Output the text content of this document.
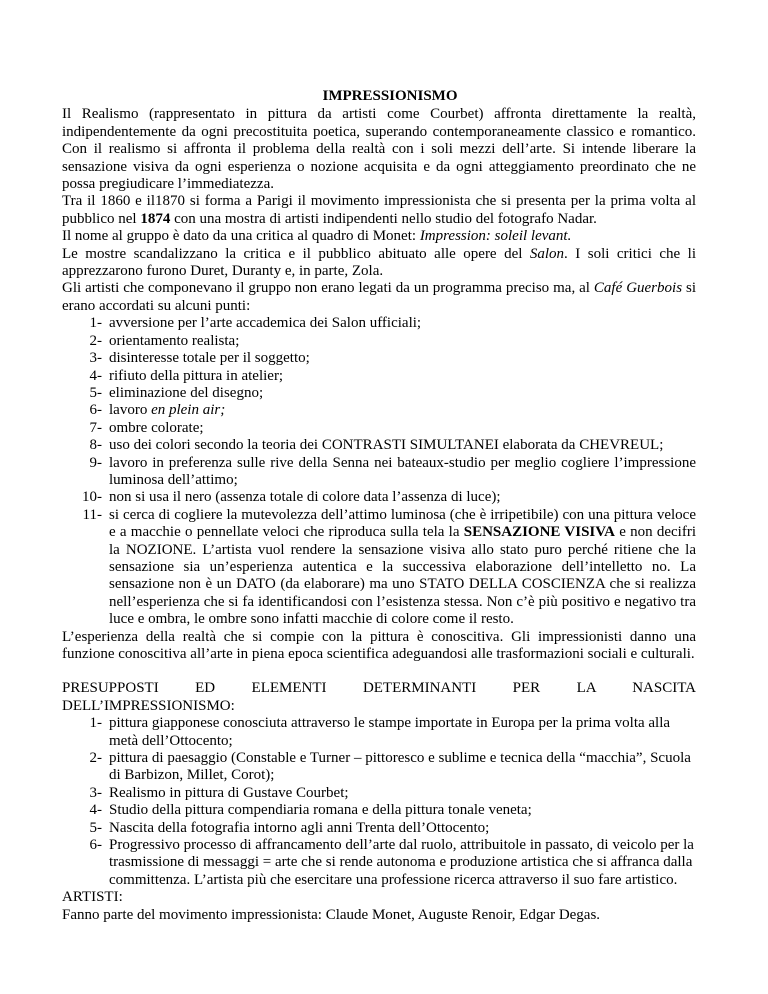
IMPRESSIONISMO

Il Realismo (rappresentato in pittura da artisti come Courbet) affronta direttamente la realtà, indipendentemente da ogni precostituita poetica, superando contemporaneamente classico e romantico. Con il realismo si affronta il problema della realtà con i soli mezzi dell’arte. Si intende liberare la sensazione visiva da ogni esperienza o nozione acquisita e da ogni atteggiamento preordinato che ne possa pregiudicare l’immediatezza.

Tra il 1860 e il1870 si forma a Parigi il movimento impressionista che si presenta per la prima volta al pubblico nel 1874 con una mostra di artisti indipendenti nello studio del fotografo Nadar.

Il nome al gruppo è dato da una critica al quadro di Monet: Impression: soleil levant.

Le mostre scandalizzano la critica e il pubblico abituato alle opere del Salon. I soli critici che li apprezzarono furono Duret, Duranty e, in parte, Zola.

Gli artisti che componevano il gruppo non erano legati da un programma preciso ma, al Café Guerbois si erano accordati su alcuni punti:

1- avversione per l’arte accademica dei Salon ufficiali;
2- orientamento realista;
3- disinteresse totale per il soggetto;
4- rifiuto della pittura in atelier;
5- eliminazione del disegno;
6- lavoro en plein air;
7- ombre colorate;
8- uso dei colori secondo la teoria dei CONTRASTI SIMULTANEI elaborata da CHEVREUL;
9- lavoro in preferenza sulle rive della Senna nei bateaux-studio per meglio cogliere l’impressione luminosa dell’attimo;
10- non si usa il nero (assenza totale di colore data l’assenza di luce);
11- si cerca di cogliere la mutevolezza dell’attimo luminosa (che è irripetibile) con una pittura veloce e a macchie o pennellate veloci che riproduca sulla tela la SENSAZIONE VISIVA e non decifri la NOZIONE. L’artista vuol rendere la sensazione visiva allo stato puro perché ritiene che la sensazione sia un’esperienza autentica e la successiva elaborazione dell’intelletto no. La sensazione non è un DATO (da elaborare) ma uno STATO DELLA COSCIENZA che si realizza nell’esperienza che si fa identificandosi con l’esistenza stessa. Non c’è più positivo e negativo tra luce e ombra, le ombre sono infatti macchie di colore come il resto.

L’esperienza della realtà che si compie con la pittura è conoscitiva. Gli impressionisti danno una funzione conoscitiva all’arte in piena epoca scientifica adeguandosi alle trasformazioni sociali e culturali.

PRESUPPOSTI ED ELEMENTI DETERMINANTI PER LA NASCITA

DELL’IMPRESSIONISMO:

1- pittura giapponese conosciuta attraverso le stampe importate in Europa per la prima volta alla metà dell’Ottocento;
2- pittura di paesaggio (Constable e Turner – pittoresco e sublime e tecnica della “macchia”, Scuola di Barbizon, Millet, Corot);
3- Realismo in pittura di Gustave Courbet;
4- Studio della pittura compendiaria romana e della pittura tonale veneta;
5- Nascita della fotografia intorno agli anni Trenta dell’Ottocento;
6- Progressivo processo di affrancamento dell’arte dal ruolo, attribuitole in passato, di veicolo per la trasmissione di messaggi = arte che si rende autonoma e produzione artistica che si affranca dalla committenza. L’artista più che esercitare una professione ricerca attraverso il suo fare artistico.

ARTISTI:

Fanno parte del movimento impressionista: Claude Monet, Auguste Renoir, Edgar Degas.
